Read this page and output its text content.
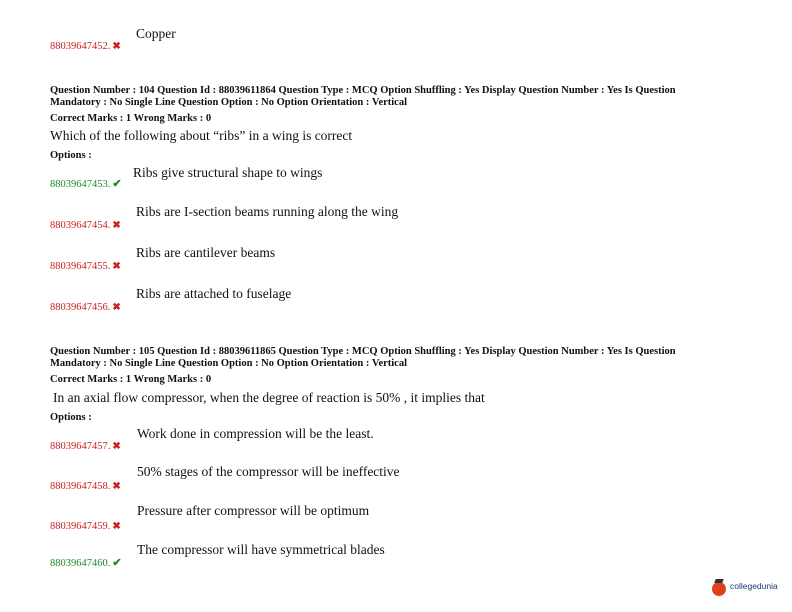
88039647452. ✖
Copper
Question Number : 104 Question Id : 88039611864 Question Type : MCQ Option Shuffling : Yes Display Question Number : Yes Is Question
Mandatory : No Single Line Question Option : No Option Orientation : Vertical
Correct Marks : 1 Wrong Marks : 0
Which of the following about “ribs” in a wing is correct
Options :
88039647453. ✔
Ribs give structural shape to wings
88039647454. ✖
Ribs are I-section beams running along the wing
88039647455. ✖
Ribs are cantilever beams
88039647456. ✖
Ribs are attached to fuselage
Question Number : 105 Question Id : 88039611865 Question Type : MCQ Option Shuffling : Yes Display Question Number : Yes Is Question
Mandatory : No Single Line Question Option : No Option Orientation : Vertical
Correct Marks : 1 Wrong Marks : 0
In an axial flow compressor, when the degree of reaction is 50% , it implies that
Options :
88039647457. ✖
Work done in compression will be the least.
88039647458. ✖
50% stages of the compressor will be ineffective
88039647459. ✖
Pressure after compressor will be optimum
88039647460. ✔
The compressor will have symmetrical blades
collegedunia
